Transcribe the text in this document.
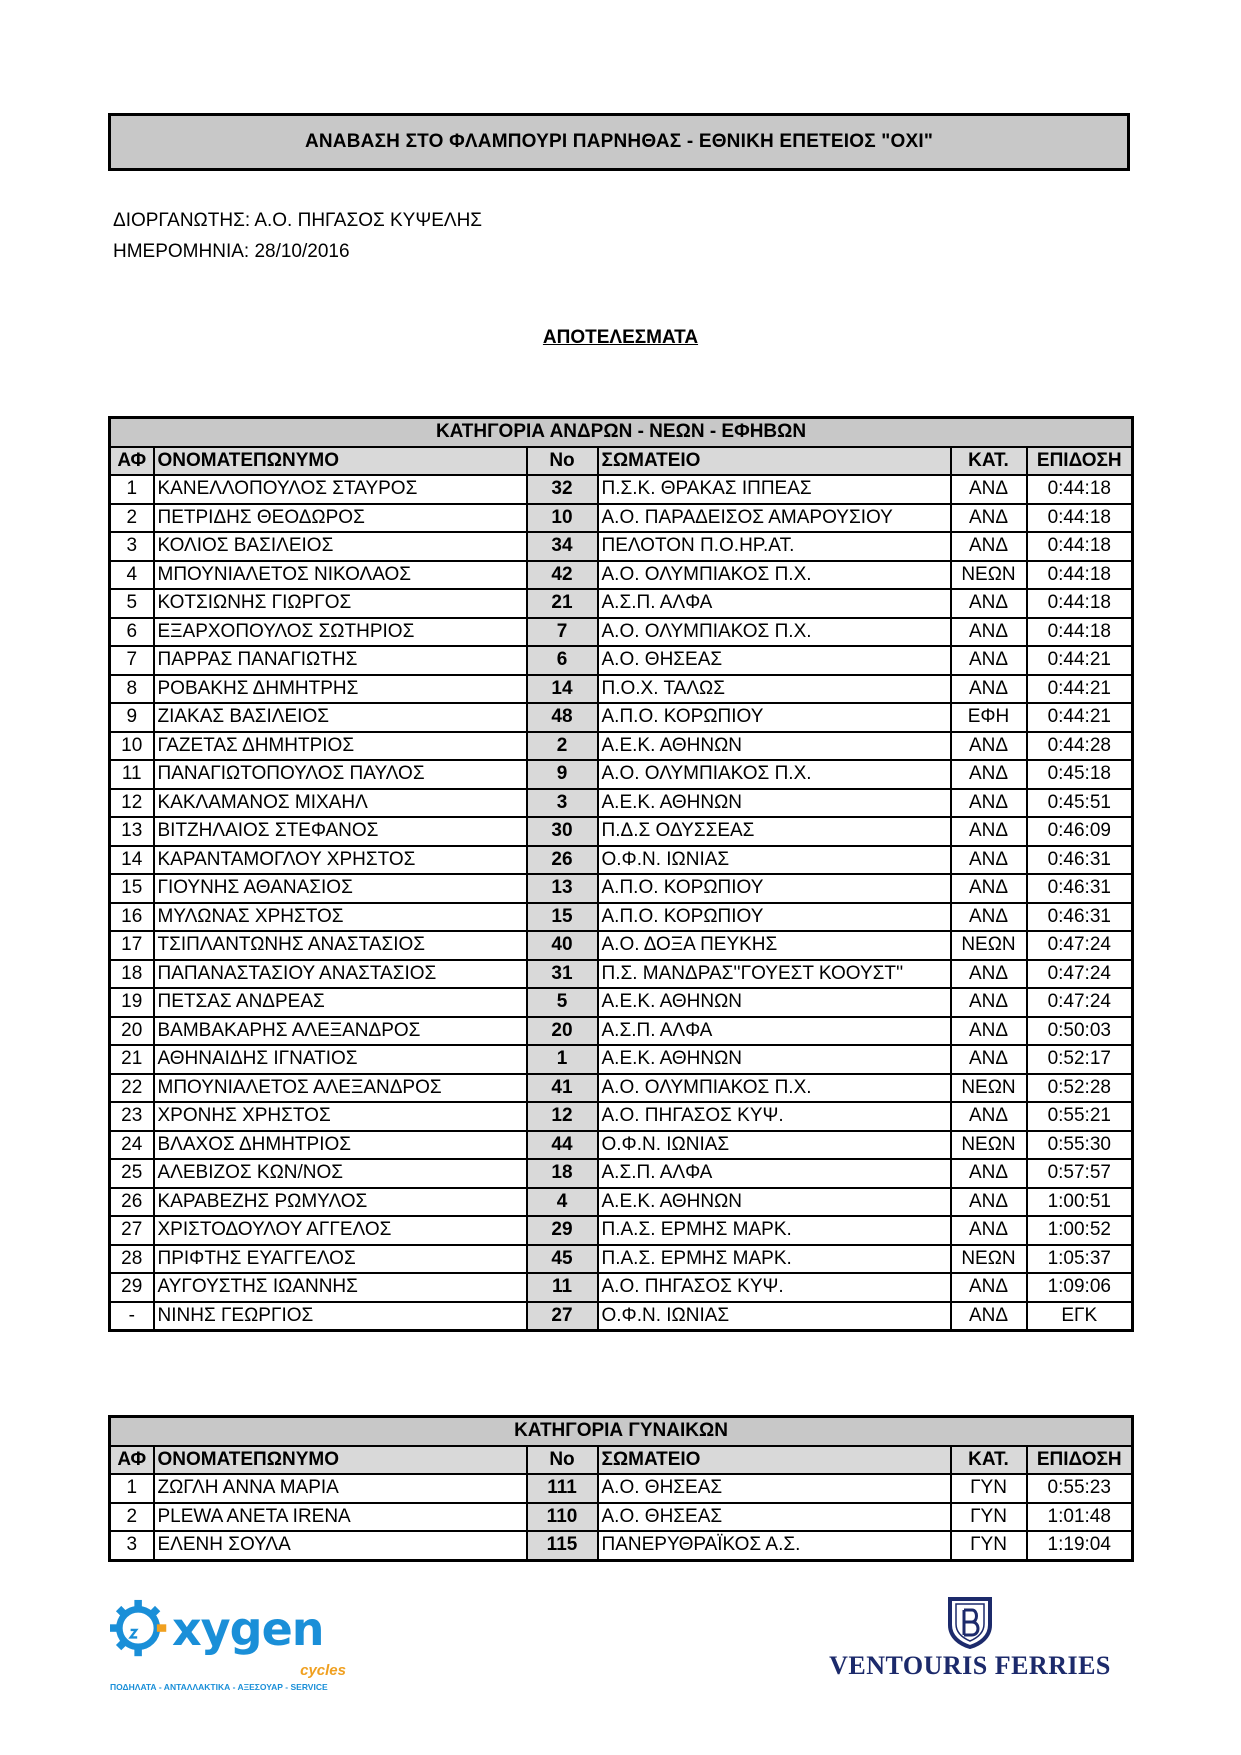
ΑΝΑΒΑΣΗ ΣΤΟ ΦΛΑΜΠΟΥΡΙ ΠΑΡΝΗΘΑΣ - ΕΘΝΙΚΗ ΕΠΕΤΕΙΟΣ "ΟΧΙ"
ΔΙΟΡΓΑΝΩΤΗΣ: Α.Ο. ΠΗΓΑΣΟΣ ΚΥΨΕΛΗΣ
ΗΜΕΡΟΜΗΝΙΑ: 28/10/2016
ΑΠΟΤΕΛΕΣΜΑΤΑ
ΚΑΤΗΓΟΡΙΑ ΑΝΔΡΩΝ - ΝΕΩΝ - ΕΦΗΒΩΝ					
ΑΦ	ΟΝΟΜΑΤΕΠΩΝΥΜΟ	No	ΣΩΜΑΤΕΙΟ	ΚΑΤ.	ΕΠΙΔΟΣΗ
1	ΚΑΝΕΛΛΟΠΟΥΛΟΣ ΣΤΑΥΡΟΣ	32	Π.Σ.Κ. ΘΡΑΚΑΣ ΙΠΠΕΑΣ	ΑΝΔ	0:44:18
2	ΠΕΤΡΙΔΗΣ ΘΕΟΔΩΡΟΣ	10	Α.Ο. ΠΑΡΑΔΕΙΣΟΣ ΑΜΑΡΟΥΣΙΟΥ	ΑΝΔ	0:44:18
3	ΚΟΛΙΟΣ ΒΑΣΙΛΕΙΟΣ	34	ΠΕΛΟΤΟΝ Π.Ο.ΗΡ.ΑΤ.	ΑΝΔ	0:44:18
4	ΜΠΟΥΝΙΑΛΕΤΟΣ ΝΙΚΟΛΑΟΣ	42	Α.Ο. ΟΛΥΜΠΙΑΚΟΣ Π.Χ.	ΝΕΩΝ	0:44:18
5	ΚΟΤΣΙΩΝΗΣ ΓΙΩΡΓΟΣ	21	Α.Σ.Π. ΑΛΦΑ	ΑΝΔ	0:44:18
6	ΕΞΑΡΧΟΠΟΥΛΟΣ ΣΩΤΗΡΙΟΣ	7	Α.Ο. ΟΛΥΜΠΙΑΚΟΣ Π.Χ.	ΑΝΔ	0:44:18
7	ΠΑΡΡΑΣ ΠΑΝΑΓΙΩΤΗΣ	6	Α.Ο. ΘΗΣΕΑΣ	ΑΝΔ	0:44:21
8	ΡΟΒΑΚΗΣ ΔΗΜΗΤΡΗΣ	14	Π.Ο.Χ. ΤΑΛΩΣ	ΑΝΔ	0:44:21
9	ΖΙΑΚΑΣ ΒΑΣΙΛΕΙΟΣ	48	Α.Π.Ο. ΚΟΡΩΠΙΟΥ	ΕΦΗ	0:44:21
10	ΓΑΖΕΤΑΣ ΔΗΜΗΤΡΙΟΣ	2	Α.Ε.Κ. ΑΘΗΝΩΝ	ΑΝΔ	0:44:28
11	ΠΑΝΑΓΙΩΤΟΠΟΥΛΟΣ ΠΑΥΛΟΣ	9	Α.Ο. ΟΛΥΜΠΙΑΚΟΣ Π.Χ.	ΑΝΔ	0:45:18
12	ΚΑΚΛΑΜΑΝΟΣ ΜΙΧΑΗΛ	3	Α.Ε.Κ. ΑΘΗΝΩΝ	ΑΝΔ	0:45:51
13	ΒΙΤΖΗΛΑΙΟΣ ΣΤΕΦΑΝΟΣ	30	Π.Δ.Σ ΟΔΥΣΣΕΑΣ	ΑΝΔ	0:46:09
14	ΚΑΡΑΝΤΑΜΟΓΛΟΥ ΧΡΗΣΤΟΣ	26	Ο.Φ.Ν. ΙΩΝΙΑΣ	ΑΝΔ	0:46:31
15	ΓΙΟΥΝΗΣ ΑΘΑΝΑΣΙΟΣ	13	Α.Π.Ο. ΚΟΡΩΠΙΟΥ	ΑΝΔ	0:46:31
16	ΜΥΛΩΝΑΣ ΧΡΗΣΤΟΣ	15	Α.Π.Ο. ΚΟΡΩΠΙΟΥ	ΑΝΔ	0:46:31
17	ΤΣΙΠΛΑΝΤΩΝΗΣ ΑΝΑΣΤΑΣΙΟΣ	40	Α.Ο. ΔΟΞΑ ΠΕΥΚΗΣ	ΝΕΩΝ	0:47:24
18	ΠΑΠΑΝΑΣΤΑΣΙΟΥ ΑΝΑΣΤΑΣΙΟΣ	31	Π.Σ. ΜΑΝΔΡΑΣ''ΓΟΥΕΣΤ ΚΟΟΥΣΤ''	ΑΝΔ	0:47:24
19	ΠΕΤΣΑΣ ΑΝΔΡΕΑΣ	5	Α.Ε.Κ. ΑΘΗΝΩΝ	ΑΝΔ	0:47:24
20	ΒΑΜΒΑΚΑΡΗΣ ΑΛΕΞΑΝΔΡΟΣ	20	Α.Σ.Π. ΑΛΦΑ	ΑΝΔ	0:50:03
21	ΑΘΗΝΑΙΔΗΣ ΙΓΝΑΤΙΟΣ	1	Α.Ε.Κ. ΑΘΗΝΩΝ	ΑΝΔ	0:52:17
22	ΜΠΟΥΝΙΑΛΕΤΟΣ ΑΛΕΞΑΝΔΡΟΣ	41	Α.Ο. ΟΛΥΜΠΙΑΚΟΣ Π.Χ.	ΝΕΩΝ	0:52:28
23	ΧΡΟΝΗΣ ΧΡΗΣΤΟΣ	12	Α.Ο. ΠΗΓΑΣΟΣ ΚΥΨ.	ΑΝΔ	0:55:21
24	ΒΛΑΧΟΣ ΔΗΜΗΤΡΙΟΣ	44	Ο.Φ.Ν. ΙΩΝΙΑΣ	ΝΕΩΝ	0:55:30
25	ΑΛΕΒΙΖΟΣ ΚΩΝ/ΝΟΣ	18	Α.Σ.Π. ΑΛΦΑ	ΑΝΔ	0:57:57
26	ΚΑΡΑΒΕΖΗΣ ΡΩΜΥΛΟΣ	4	Α.Ε.Κ. ΑΘΗΝΩΝ	ΑΝΔ	1:00:51
27	ΧΡΙΣΤΟΔΟΥΛΟΥ ΑΓΓΕΛΟΣ	29	Π.Α.Σ. ΕΡΜΗΣ ΜΑΡΚ.	ΑΝΔ	1:00:52
28	ΠΡΙΦΤΗΣ ΕΥΑΓΓΕΛΟΣ	45	Π.Α.Σ. ΕΡΜΗΣ ΜΑΡΚ.	ΝΕΩΝ	1:05:37
29	ΑΥΓΟΥΣΤΗΣ ΙΩΑΝΝΗΣ	11	Α.Ο. ΠΗΓΑΣΟΣ ΚΥΨ.	ΑΝΔ	1:09:06
-	ΝΙΝΗΣ ΓΕΩΡΓΙΟΣ	27	Ο.Φ.Ν. ΙΩΝΙΑΣ	ΑΝΔ	ΕΓΚ
ΚΑΤΗΓΟΡΙΑ ΓΥΝΑΙΚΩΝ					
ΑΦ	ΟΝΟΜΑΤΕΠΩΝΥΜΟ	No	ΣΩΜΑΤΕΙΟ	ΚΑΤ.	ΕΠΙΔΟΣΗ
1	ΖΩΓΛΗ ΑΝΝΑ ΜΑΡΙΑ	111	Α.Ο. ΘΗΣΕΑΣ	ΓΥΝ	0:55:23
2	PLEWA ANETA IRENA	110	Α.Ο. ΘΗΣΕΑΣ	ΓΥΝ	1:01:48
3	ΕΛΕΝΗ ΣΟΥΛΑ	115	ΠΑΝΕΡΥΘΡΑΪΚΟΣ Α.Σ.	ΓΥΝ	1:19:04
xygen
cycles
ΠΟΔΗΛΑΤΑ - ΑΝΤΑΛΛΑΚΤΙΚΑ - ΑΞΕΣΟΥΑΡ - SERVICE
VENTOURIS FERRIES
